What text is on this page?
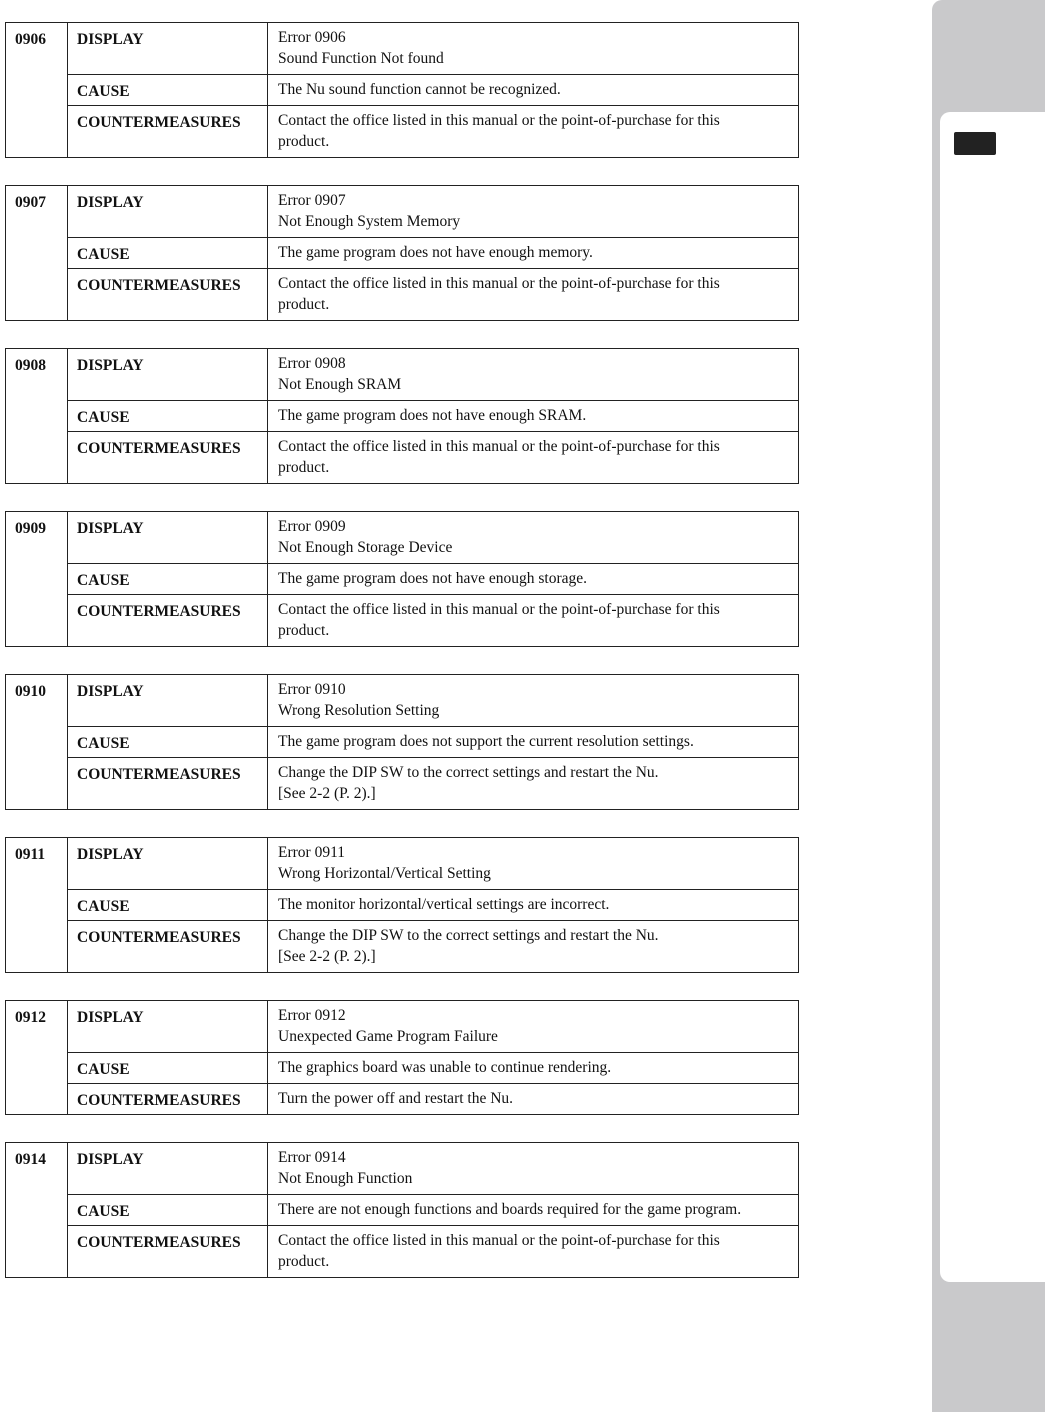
0906	DISPLAY	Error 0906
Sound Function Not found

	CAUSE	The Nu sound function cannot be recognized.
	COUNTERMEASURES	Contact the office listed in this manual or the point-of-purchase for this
product.
0907	DISPLAY	Error 0907
Not Enough System Memory

	CAUSE	The game program does not have enough memory.
	COUNTERMEASURES	Contact the office listed in this manual or the point-of-purchase for this
product.
0908	DISPLAY	Error 0908
Not Enough SRAM

	CAUSE	The game program does not have enough SRAM.
	COUNTERMEASURES	Contact the office listed in this manual or the point-of-purchase for this
product.
0909	DISPLAY	Error 0909
Not Enough Storage Device

	CAUSE	The game program does not have enough storage.
	COUNTERMEASURES	Contact the office listed in this manual or the point-of-purchase for this
product.
0910	DISPLAY	Error 0910
Wrong Resolution Setting

	CAUSE	The game program does not support the current resolution settings.
	COUNTERMEASURES	Change the DIP SW to the correct settings and restart the Nu.
[See 2-2 (P. 2).]
0911	DISPLAY	Error 0911
Wrong Horizontal/Vertical Setting

	CAUSE	The monitor horizontal/vertical settings are incorrect.
	COUNTERMEASURES	Change the DIP SW to the correct settings and restart the Nu.
[See 2-2 (P. 2).]
0912	DISPLAY	Error 0912
Unexpected Game Program Failure

	CAUSE	The graphics board was unable to continue rendering.
	COUNTERMEASURES	Turn the power off and restart the Nu.
0914	DISPLAY	Error 0914
Not Enough Function

	CAUSE	There are not enough functions and boards required for the game program.
	COUNTERMEASURES	Contact the office listed in this manual or the point-of-purchase for this
product.
